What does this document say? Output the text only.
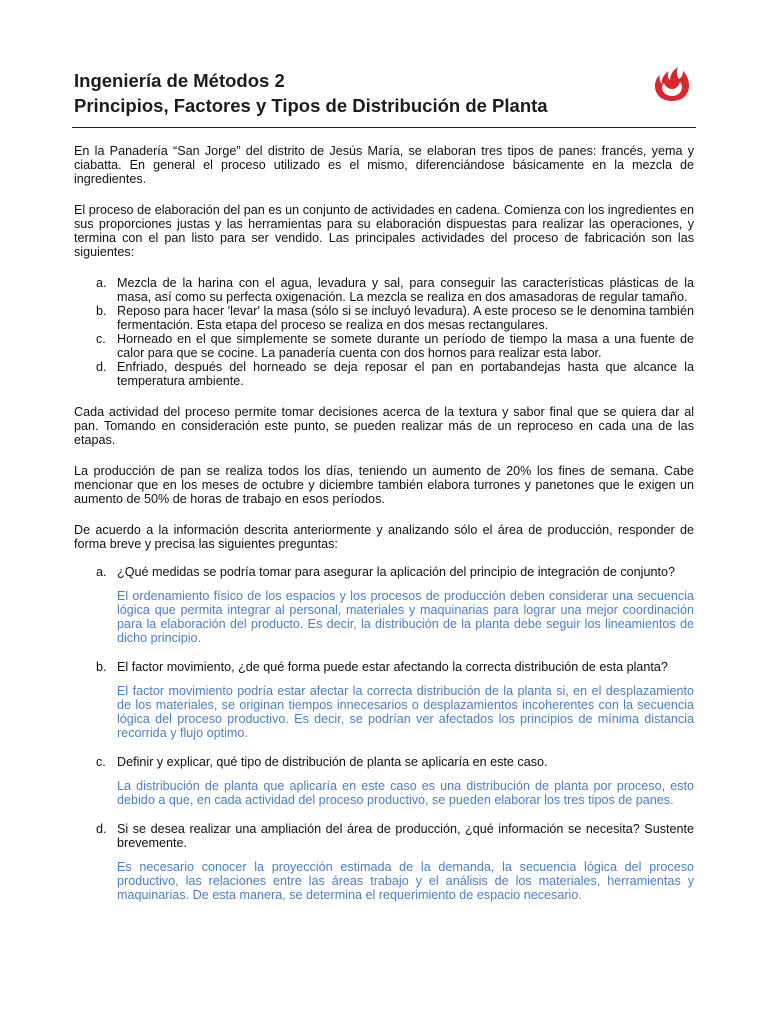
Ingeniería de Métodos 2
Principios, Factores y Tipos de Distribución de Planta

En la Panadería “San Jorge” del distrito de Jesús María, se elaboran tres tipos de panes: francés, yema y ciabatta. En general el proceso utilizado es el mismo, diferenciándose básicamente en la mezcla de ingredientes.

El proceso de elaboración del pan es un conjunto de actividades en cadena. Comienza con los ingredientes en sus proporciones justas y las herramientas para su elaboración dispuestas para realizar las operaciones, y termina con el pan listo para ser vendido. Las principales actividades del proceso de fabricación son las siguientes:

a. Mezcla de la harina con el agua, levadura y sal, para conseguir las características plásticas de la masa, así como su perfecta oxigenación. La mezcla se realiza en dos amasadoras de regular tamaño.

b. Reposo para hacer 'levar' la masa (sólo si se incluyó levadura). A este proceso se le denomina también fermentación. Esta etapa del proceso se realiza en dos mesas rectangulares.

c. Horneado en el que simplemente se somete durante un período de tiempo la masa a una fuente de calor para que se cocine. La panadería cuenta con dos hornos para realizar esta labor.

d. Enfriado, después del horneado se deja reposar el pan en portabandejas hasta que alcance la temperatura ambiente.

Cada actividad del proceso permite tomar decisiones acerca de la textura y sabor final que se quiera dar al pan. Tomando en consideración este punto, se pueden realizar más de un reproceso en cada una de las etapas.

La producción de pan se realiza todos los días, teniendo un aumento de 20% los fines de semana. Cabe mencionar que en los meses de octubre y diciembre también elabora turrones y panetones que le exigen un aumento de 50% de horas de trabajo en esos períodos.

De acuerdo a la información descrita anteriormente y analizando sólo el área de producción, responder de forma breve y precisa las siguientes preguntas:

a. ¿Qué medidas se podría tomar para asegurar la aplicación del principio de integración de conjunto?

El ordenamiento físico de los espacios y los procesos de producción deben considerar una secuencia lógica que permita integrar al personal, materiales y maquinarias para lograr una mejor coordinación para la elaboración del producto. Es decir, la distribución de la planta debe seguir los lineamientos de dicho principio.

b. El factor movimiento, ¿de qué forma puede estar afectando la correcta distribución de esta planta?

El factor movimiento podría estar afectar la correcta distribución de la planta si, en el desplazamiento de los materiales, se originan tiempos innecesarios o desplazamientos incoherentes con la secuencia lógica del proceso productivo. Es decir, se podrían ver afectados los principios de mínima distancia recorrida y flujo optimo.

c. Definir y explicar, qué tipo de distribución de planta se aplicaría en este caso.

La distribución de planta que aplicaría en este caso es una distribución de planta por proceso, esto debido a que, en cada actividad del proceso productivo, se pueden elaborar los tres tipos de panes.

d. Si se desea realizar una ampliación del área de producción, ¿qué información se necesita? Sustente brevemente.

Es necesario conocer la proyección estimada de la demanda, la secuencia lógica del proceso productivo, las relaciones entre las áreas trabajo y el análisis de los materiales, herramientas y maquinarias. De esta manera, se determina el requerimiento de espacio necesario.
